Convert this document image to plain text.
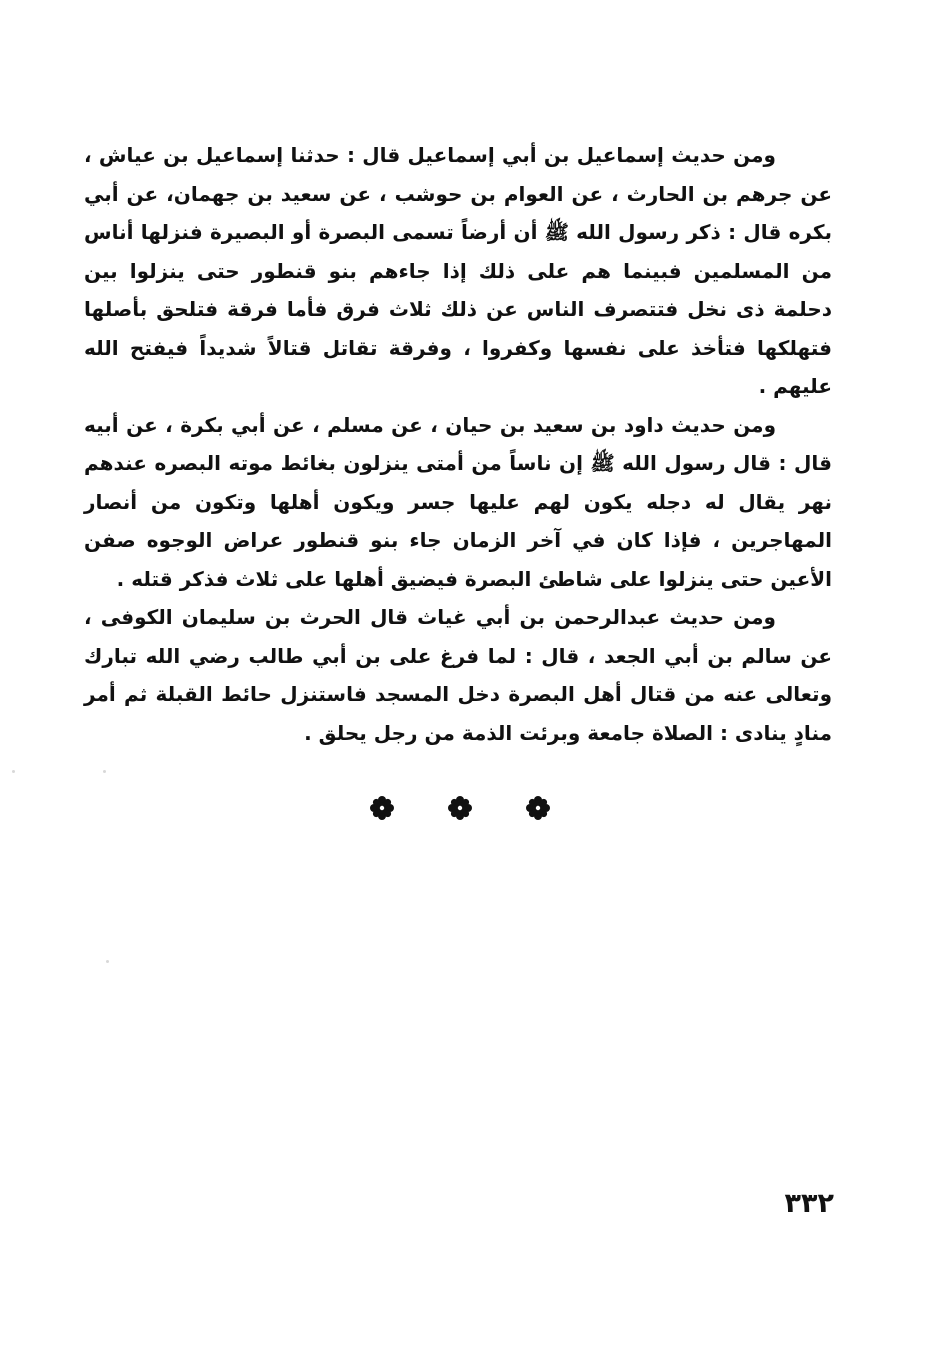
ومن حديث إسماعيل بن أبي إسماعيل قال : حدثنا إسماعيل بن عياش ، عن جرهم بن الحارث ، عن العوام بن حوشب ، عن سعيد بن جهمان، عن أبي بكره قال : ذكر رسول الله ﷺ أن أرضاً تسمى البصرة أو البصيرة فنزلها أناس من المسلمين فبينما هم على ذلك إذا جاءهم بنو قنطور حتى ينزلوا بين دحلمة ذى نخل فتتصرف الناس عن ذلك ثلاث فرق فأما فرقة فتلحق بأصلها فتهلكها فتأخذ على نفسها وكفروا ، وفرقة تقاتل قتالاً شديداً فيفتح الله عليهم .

ومن حديث داود بن سعيد بن حيان ، عن مسلم ، عن أبي بكرة ، عن أبيه قال : قال رسول الله ﷺ إن ناساً من أمتى ينزلون بغائط موته البصره عندهم نهر يقال له دجله يكون لهم عليها جسر ويكون أهلها وتكون من أنصار المهاجرين ، فإذا كان في آخر الزمان جاء بنو قنطور عراض الوجوه صفن الأعين حتى ينزلوا على شاطئ البصرة فيضيق أهلها على ثلاث فذكر قتله .

ومن حديث عبدالرحمن بن أبي غياث قال الحرث بن سليمان الكوفى ، عن سالم بن أبي الجعد ، قال : لما فرغ على بن أبي طالب رضي الله تبارك وتعالى عنه من قتال أهل البصرة دخل المسجد فاستنزل حائط القبلة ثم أمر منادٍ ينادى : الصلاة جامعة وبرئت الذمة من رجل يحلق .

٣٣٢
